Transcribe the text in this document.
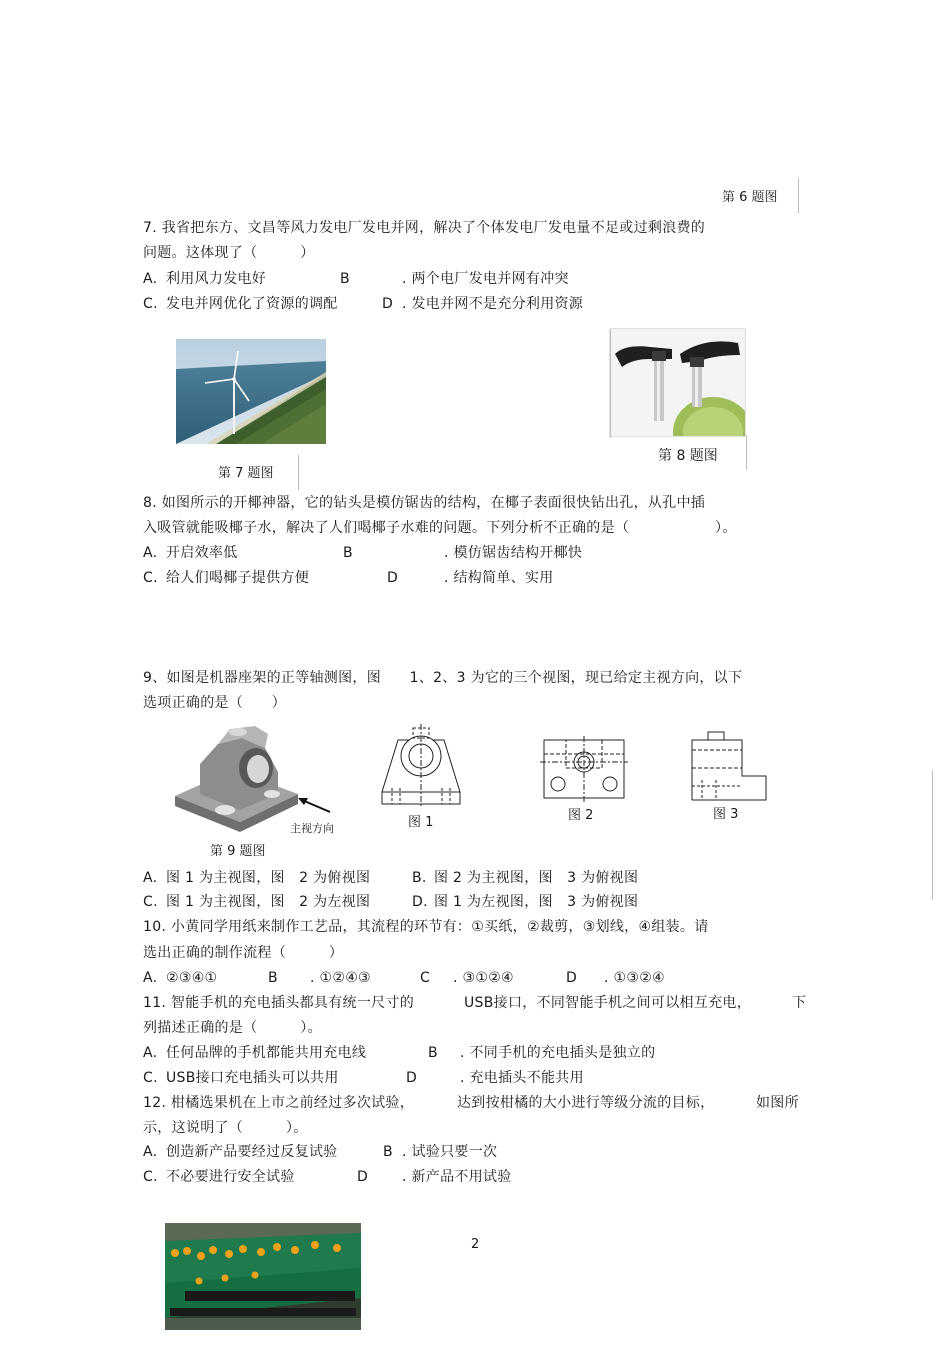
第 6 题图
7. 我省把东方、文昌等风力发电厂发电并网，解决了个体发电厂发电量不足或过剩浪费的
问题。这体现了（　　　）
A. 利用风力发电好	B	. 两个电厂发电并网有冲突
C. 发电并网优化了资源的调配	D . 发电并网不是充分利用资源
第 7 题图
第 8 题图
8. 如图所示的开椰神器，它的钻头是模仿锯齿的结构，在椰子表面很快钻出孔，从孔中插
入吸管就能吸椰子水，解决了人们喝椰子水难的问题。下列分析不正确的是（　　　　　　）。
A. 开启效率低	B	. 模仿锯齿结构开椰快
C. 给人们喝椰子提供方便	D	. 结构简单、实用
9、如图是机器座架的正等轴测图，图　　1、2、3 为它的三个视图，现已给定主视方向，以下
选项正确的是（　　）
主视方向
第 9 题图
图 1	图 2	图 3
A. 图 1 为主视图，图　2 为俯视图	B. 图 2 为主视图，图　3 为俯视图
C. 图 1 为主视图，图　2 为左视图	D. 图 1 为左视图，图　3 为俯视图
10. 小黄同学用纸来制作工艺品，其流程的环节有：①买纸，②裁剪，③划线，④组装。请
选出正确的制作流程（　　　）
A. ②③④①	B . ①②④③	C . ③①②④	D . ①③②④
11. 智能手机的充电插头都具有统一尺寸的	USB接口，不同智能手机之间可以相互充电，	下
列描述正确的是（　　　）。
A. 任何品牌的手机都能共用充电线	B . 不同手机的充电插头是独立的
C. USB接口充电插头可以共用	D	. 充电插头不能共用
12. 柑橘选果机在上市之前经过多次试验，	达到按柑橘的大小进行等级分流的目标，	如图所
示，这说明了（　　　）。
A. 创造新产品要经过反复试验	B . 试验只要一次
C. 不必要进行安全试验	D . 新产品不用试验
2
